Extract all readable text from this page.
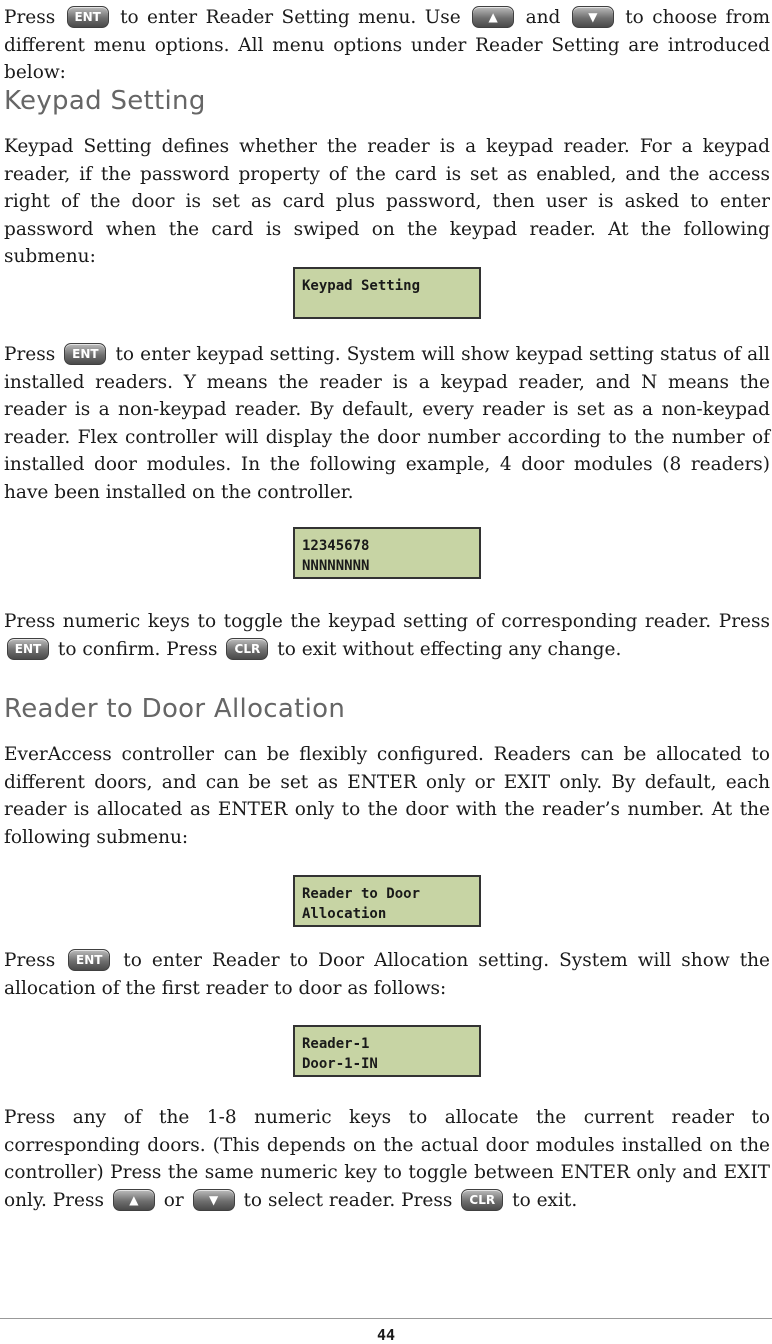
Press ENT to enter Reader Setting menu. Use ▲ and ▼ to choose from different menu options. All menu options under Reader Setting are introduced below:

Keypad Setting

Keypad Setting defines whether the reader is a keypad reader. For a keypad reader, if the password property of the card is set as enabled, and the access right of the door is set as card plus password, then user is asked to enter password when the card is swiped on the keypad reader. At the following submenu:

Keypad Setting

Press ENT to enter keypad setting. System will show keypad setting status of all installed readers. Y means the reader is a keypad reader, and N means the reader is a non-keypad reader. By default, every reader is set as a non-keypad reader. Flex controller will display the door number according to the number of installed door modules. In the following example, 4 door modules (8 readers) have been installed on the controller.

12345678
NNNNNNNN

Press numeric keys to toggle the keypad setting of corresponding reader. Press ENT to confirm. Press CLR to exit without effecting any change.

Reader to Door Allocation

EverAccess controller can be flexibly configured. Readers can be allocated to different doors, and can be set as ENTER only or EXIT only. By default, each reader is allocated as ENTER only to the door with the reader’s number. At the following submenu:

Reader to Door
Allocation

Press ENT to enter Reader to Door Allocation setting. System will show the allocation of the first reader to door as follows:

Reader-1
Door-1-IN

Press any of the 1-8 numeric keys to allocate the current reader to corresponding doors. (This depends on the actual door modules installed on the controller) Press the same numeric key to toggle between ENTER only and EXIT only. Press ▲ or ▼ to select reader. Press CLR to exit.

44
